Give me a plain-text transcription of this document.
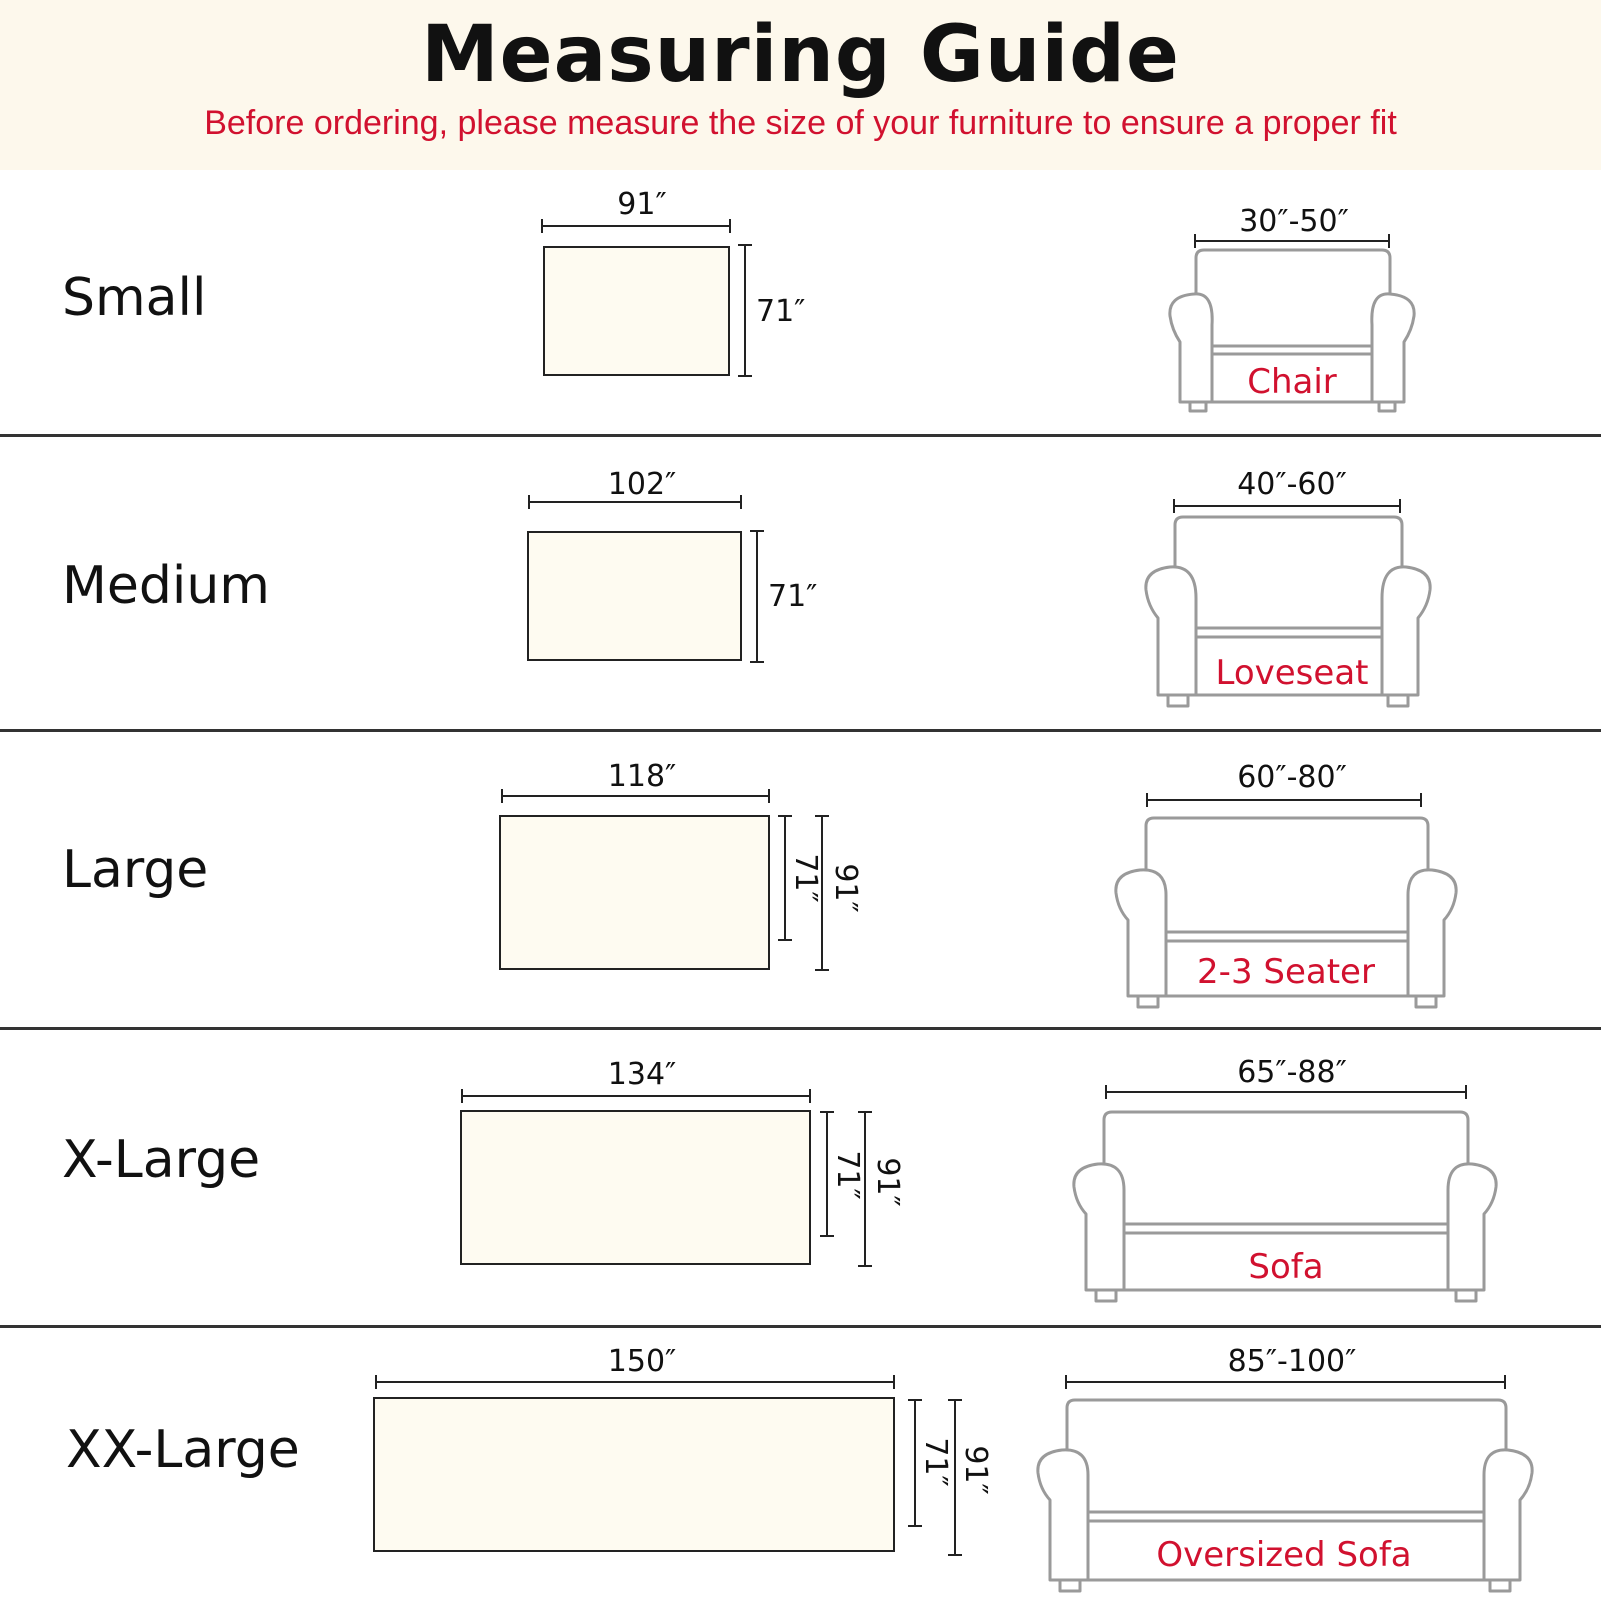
Measuring Guide
Before ordering, please measure the size of your furniture to ensure a proper fit
Small
Medium
Large
X-Large
XX-Large
91″
71″
102″
71″
118″
134″
150″
71″ 91″
71″ 91″
71″ 91″
30″-50″
40″-60″
60″-80″
65″-88″
85″-100″
Chair
Loveseat
2-3 Seater
Sofa
Oversized Sofa
